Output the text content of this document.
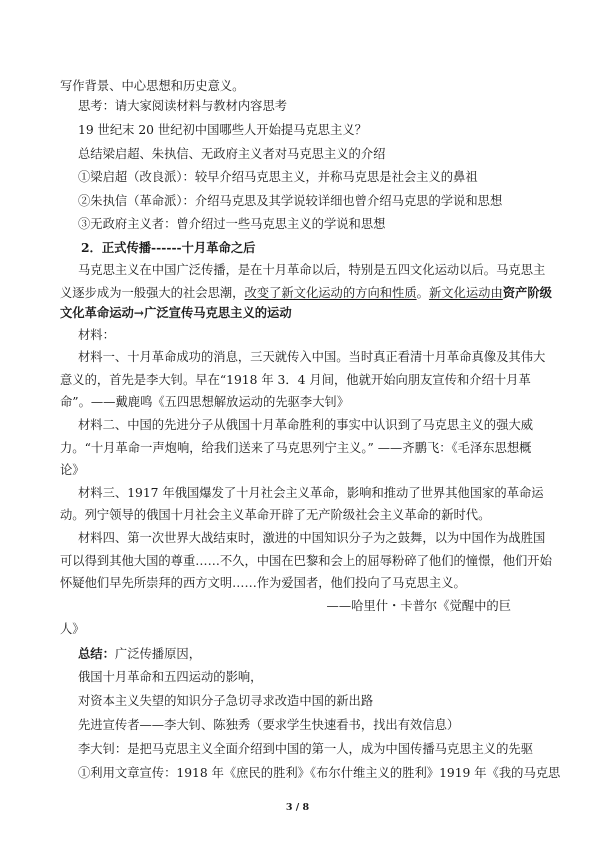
写作背景、中心思想和历史意义。
思考：请大家阅读材料与教材内容思考
19 世纪末 20 世纪初中国哪些人开始提马克思主义？
总结梁启超、朱执信、无政府主义者对马克思主义的介绍
①梁启超（改良派）：较早介绍马克思主义，并称马克思是社会主义的鼻祖
②朱执信（革命派）：介绍马克思及其学说较详细也曾介绍马克思的学说和思想
③无政府主义者：曾介绍过一些马克思主义的学说和思想
2．正式传播------十月革命之后
马克思主义在中国广泛传播，是在十月革命以后，特别是五四文化运动以后。马克思主
义逐步成为一般强大的社会思潮，改变了新文化运动的方向和性质。新文化运动由资产阶级
文化革命运动→广泛宣传马克思主义的运动
材料：
材料一、十月革命成功的消息，三天就传入中国。当时真正看清十月革命真像及其伟大
意义的，首先是李大钊。早在“1918 年 3．4 月间，他就开始向朋友宣传和介绍十月革
命”。——戴鹿鸣《五四思想解放运动的先驱李大钊》
材料二、中国的先进分子从俄国十月革命胜利的事实中认识到了马克思主义的强大威
力。“十月革命一声炮响，给我们送来了马克思列宁主义。” ——齐鹏飞：《毛泽东思想概
论》
材料三、1917 年俄国爆发了十月社会主义革命，影响和推动了世界其他国家的革命运
动。列宁领导的俄国十月社会主义革命开辟了无产阶级社会主义革命的新时代。
材料四、第一次世界大战结束时，激进的中国知识分子为之鼓舞，以为中国作为战胜国
可以得到其他大国的尊重……不久，中国在巴黎和会上的屈辱粉碎了他们的憧憬，他们开始
怀疑他们早先所崇拜的西方文明……作为爱国者，他们投向了马克思主义。
——哈里什・卡普尔《觉醒中的巨
人》
总结：广泛传播原因，
俄国十月革命和五四运动的影响，
对资本主义失望的知识分子急切寻求改造中国的新出路
先进宣传者——李大钊、陈独秀（要求学生快速看书，找出有效信息）
李大钊：是把马克思主义全面介绍到中国的第一人，成为中国传播马克思主义的先驱
①利用文章宣传：1918 年《庶民的胜利》《布尔什维主义的胜利》1919 年《我的马克思
3 / 8
